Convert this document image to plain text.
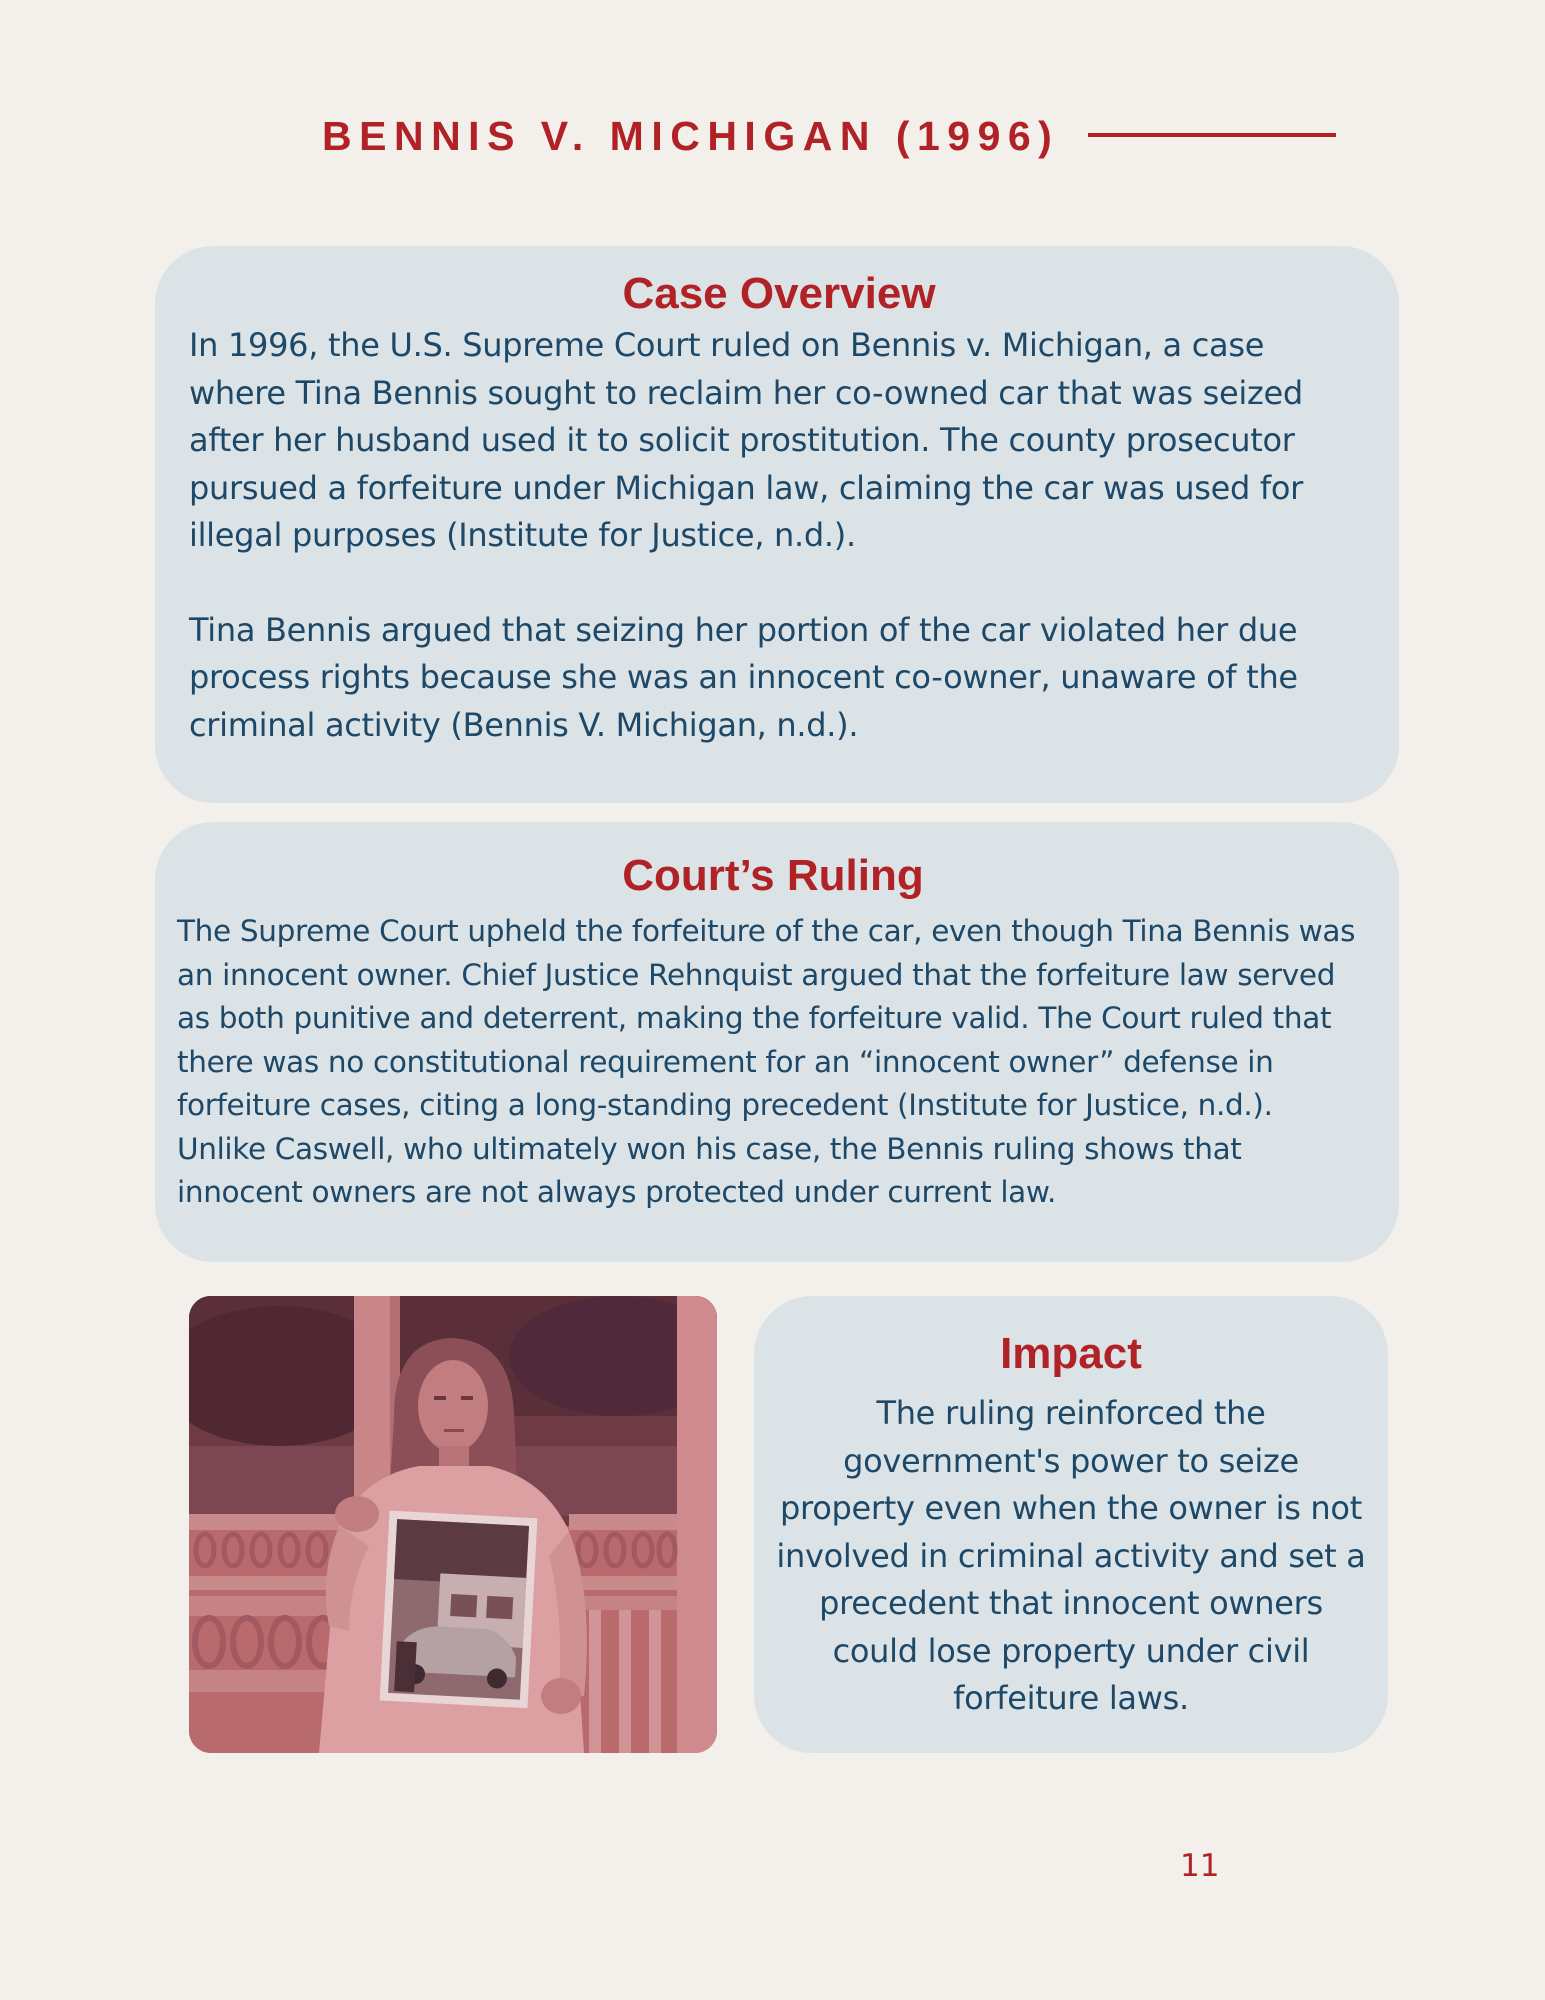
BENNIS V. MICHIGAN (1996)
Case Overview

In 1996, the U.S. Supreme Court ruled on Bennis v. Michigan, a case where Tina Bennis sought to reclaim her co-owned car that was seized after her husband used it to solicit prostitution. The county prosecutor pursued a forfeiture under Michigan law, claiming the car was used for illegal purposes (Institute for Justice, n.d.).

Tina Bennis argued that seizing her portion of the car violated her due process rights because she was an innocent co-owner, unaware of the criminal activity (Bennis V. Michigan, n.d.).

Court’s Ruling

The Supreme Court upheld the forfeiture of the car, even though Tina Bennis was an innocent owner. Chief Justice Rehnquist argued that the forfeiture law served as both punitive and deterrent, making the forfeiture valid. The Court ruled that there was no constitutional requirement for an “innocent owner” defense in forfeiture cases, citing a long-standing precedent (Institute for Justice, n.d.). Unlike Caswell, who ultimately won his case, the Bennis ruling shows that innocent owners are not always protected under current law.

Impact

The ruling reinforced the government's power to seize property even when the owner is not involved in criminal activity and set a precedent that innocent owners could lose property under civil forfeiture laws.

11
